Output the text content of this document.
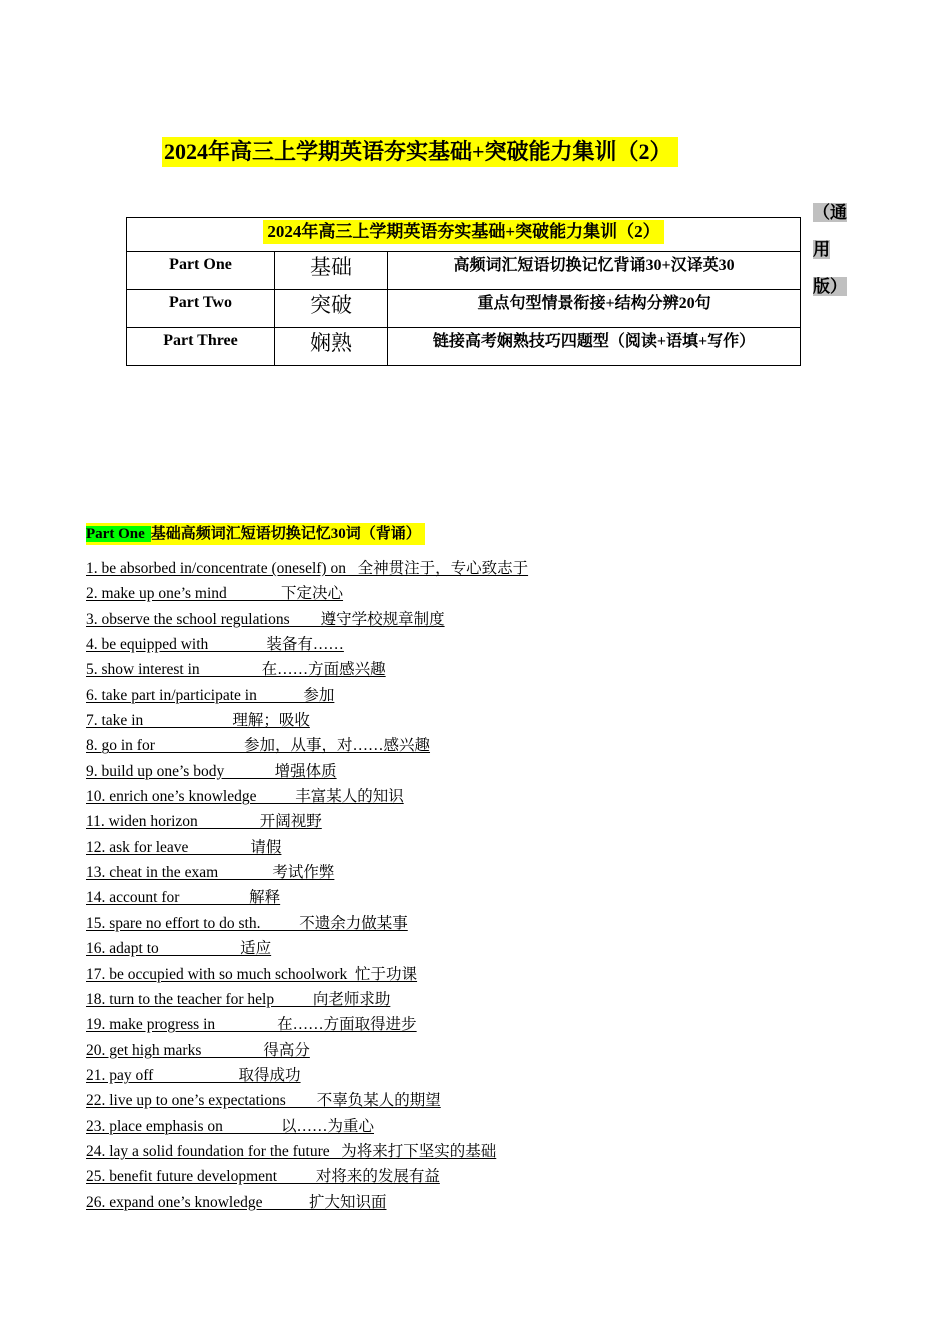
2024年高三上学期英语夯实基础+突破能力集训（2）
（通
用
版）
2024年高三上学期英语夯实基础+突破能力集训（2）		
Part One	基础	高频词汇短语切换记忆背诵30+汉译英30
Part Two	突破	重点句型情景衔接+结构分辨20句
Part Three	娴熟	链接高考娴熟技巧四题型（阅读+语填+写作）
Part One 基础高频词汇短语切换记忆30词（背诵）
1. be absorbed in/concentrate (oneself) on   全神贯注于，专心致志于
2. make up one’s mind              下定决心
3. observe the school regulations        遵守学校规章制度
4. be equipped with               装备有……
5. show interest in                在……方面感兴趣
6. take part in/participate in            参加
7. take in                       理解；吸收
8. go in for                       参加，从事，对……感兴趣
9. build up one’s body             增强体质
10. enrich one’s knowledge          丰富某人的知识
11. widen horizon                开阔视野
12. ask for leave                请假
13. cheat in the exam              考试作弊
14. account for                  解释
15. spare no effort to do sth.          不遗余力做某事
16. adapt to                     适应
17. be occupied with so much schoolwork  忙于功课
18. turn to the teacher for help          向老师求助
19. make progress in                在……方面取得进步
20. get high marks                得高分
21. pay off                      取得成功
22. live up to one’s expectations        不辜负某人的期望
23. place emphasis on               以……为重心
24. lay a solid foundation for the future   为将来打下坚实的基础
25. benefit future development          对将来的发展有益
26. expand one’s knowledge            扩大知识面
